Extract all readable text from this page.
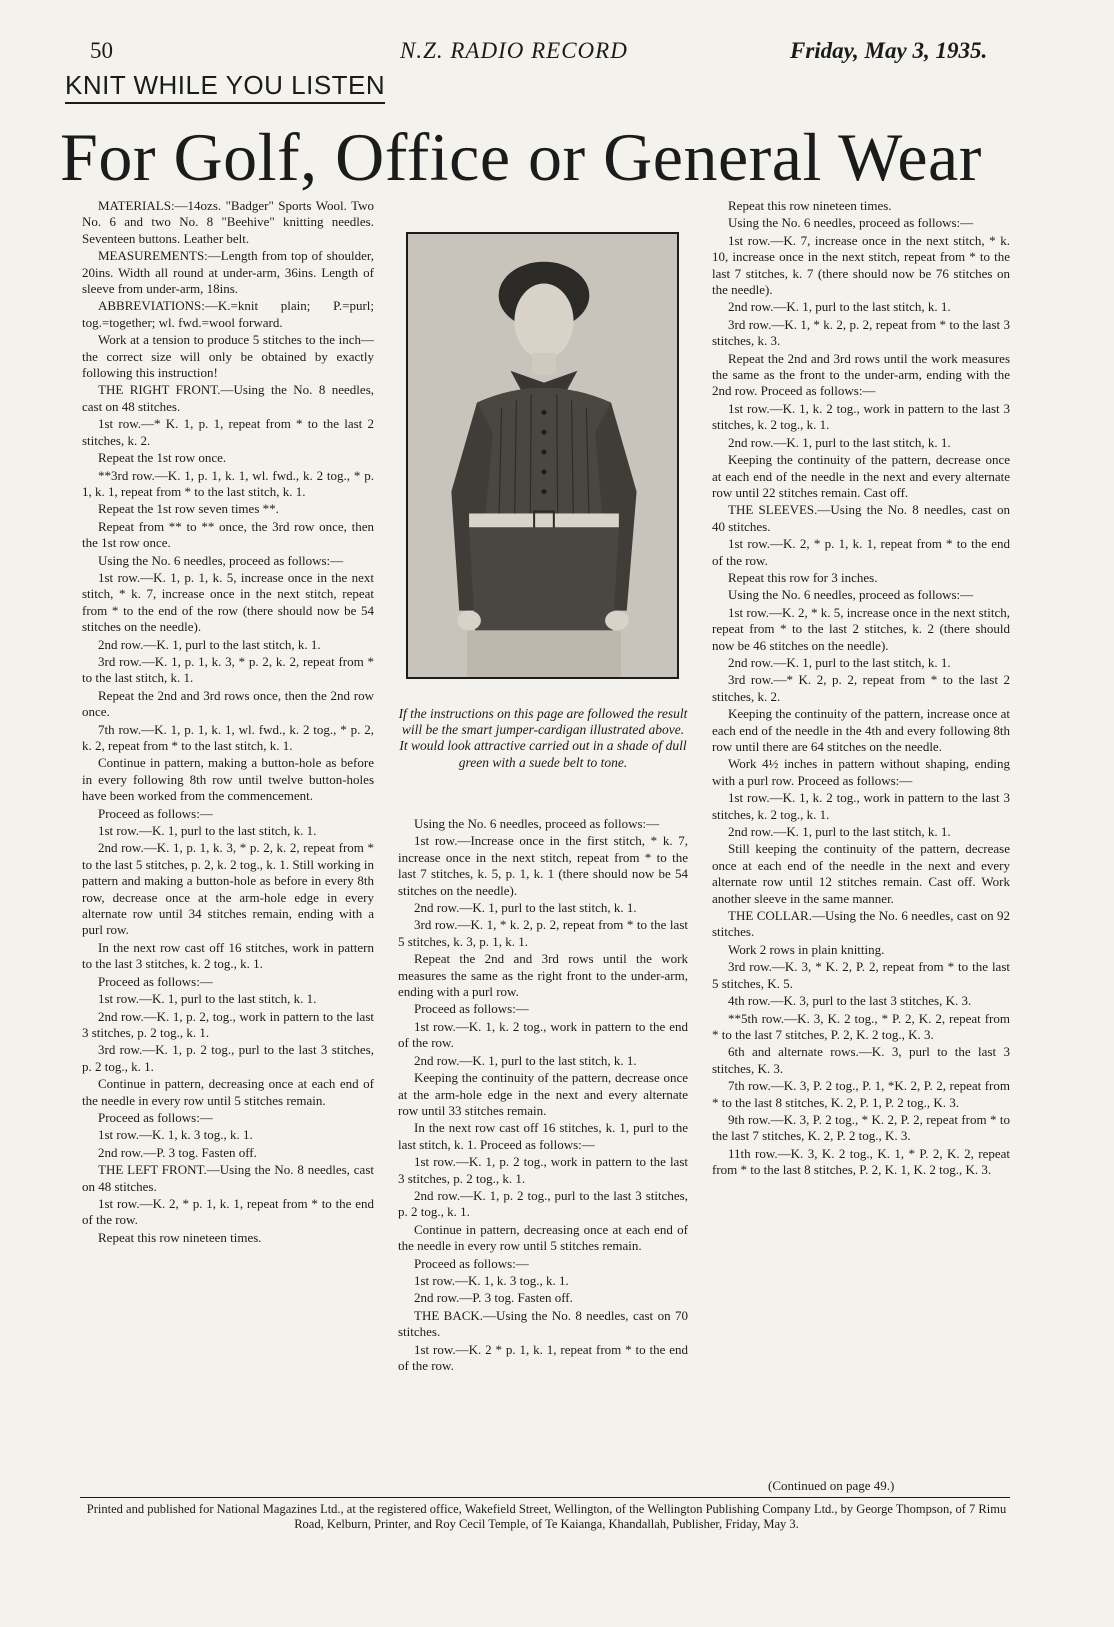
50	N.Z. RADIO RECORD	Friday, May 3, 1935.
KNIT WHILE YOU LISTEN
For Golf, Office or General Wear

MATERIALS:—14ozs. "Badger" Sports Wool. Two No. 6 and two No. 8 "Beehive" knitting needles. Seventeen buttons. Leather belt.

MEASUREMENTS:—Length from top of shoulder, 20ins. Width all round at under-arm, 36ins. Length of sleeve from under-arm, 18ins.

ABBREVIATIONS:—K.=knit plain; P.=purl; tog.=together; wl. fwd.=wool forward.

Work at a tension to produce 5 stitches to the inch—the correct size will only be obtained by exactly following this instruction!

THE RIGHT FRONT.—Using the No. 8 needles, cast on 48 stitches.

1st row.—* K. 1, p. 1, repeat from * to the last 2 stitches, k. 2.

Repeat the 1st row once.

**3rd row.—K. 1, p. 1, k. 1, wl. fwd., k. 2 tog., * p. 1, k. 1, repeat from * to the last stitch, k. 1.

Repeat the 1st row seven times **.

Repeat from ** to ** once, the 3rd row once, then the 1st row once.

Using the No. 6 needles, proceed as follows:—

1st row.—K. 1, p. 1, k. 5, increase once in the next stitch, * k. 7, increase once in the next stitch, repeat from * to the end of the row (there should now be 54 stitches on the needle).

2nd row.—K. 1, purl to the last stitch, k. 1.

3rd row.—K. 1, p. 1, k. 3, * p. 2, k. 2, repeat from * to the last stitch, k. 1.

Repeat the 2nd and 3rd rows once, then the 2nd row once.

7th row.—K. 1, p. 1, k. 1, wl. fwd., k. 2 tog., * p. 2, k. 2, repeat from * to the last stitch, k. 1.

Continue in pattern, making a button-hole as before in every following 8th row until twelve button-holes have been worked from the commencement.

Proceed as follows:—

1st row.—K. 1, purl to the last stitch, k. 1.

2nd row.—K. 1, p. 1, k. 3, * p. 2, k. 2, repeat from * to the last 5 stitches, p. 2, k. 2 tog., k. 1. Still working in pattern and making a button-hole as before in every 8th row, decrease once at the arm-hole edge in every alternate row until 34 stitches remain, ending with a purl row.

In the next row cast off 16 stitches, work in pattern to the last 3 stitches, k. 2 tog., k. 1.

Proceed as follows:—

1st row.—K. 1, purl to the last stitch, k. 1.

2nd row.—K. 1, p. 2, tog., work in pattern to the last 3 stitches, p. 2 tog., k. 1.

3rd row.—K. 1, p. 2 tog., purl to the last 3 stitches, p. 2 tog., k. 1.

Continue in pattern, decreasing once at each end of the needle in every row until 5 stitches remain.

Proceed as follows:—

1st row.—K. 1, k. 3 tog., k. 1.

2nd row.—P. 3 tog. Fasten off.

THE LEFT FRONT.—Using the No. 8 needles, cast on 48 stitches.

1st row.—K. 2, * p. 1, k. 1, repeat from * to the end of the row.

Repeat this row nineteen times.

If the instructions on this page are followed the result will be the smart jumper-cardigan illustrated above. It would look attractive carried out in a shade of dull green with a suede belt to tone.

Using the No. 6 needles, proceed as follows:—

1st row.—Increase once in the first stitch, * k. 7, increase once in the next stitch, repeat from * to the last 7 stitches, k. 5, p. 1, k. 1 (there should now be 54 stitches on the needle).

2nd row.—K. 1, purl to the last stitch, k. 1.

3rd row.—K. 1, * k. 2, p. 2, repeat from * to the last 5 stitches, k. 3, p. 1, k. 1.

Repeat the 2nd and 3rd rows until the work measures the same as the right front to the under-arm, ending with a purl row.

Proceed as follows:—

1st row.—K. 1, k. 2 tog., work in pattern to the end of the row.

2nd row.—K. 1, purl to the last stitch, k. 1.

Keeping the continuity of the pattern, decrease once at the arm-hole edge in the next and every alternate row until 33 stitches remain.

In the next row cast off 16 stitches, k. 1, purl to the last stitch, k. 1. Proceed as follows:—

1st row.—K. 1, p. 2 tog., work in pattern to the last 3 stitches, p. 2 tog., k. 1.

2nd row.—K. 1, p. 2 tog., purl to the last 3 stitches, p. 2 tog., k. 1.

Continue in pattern, decreasing once at each end of the needle in every row until 5 stitches remain.

Proceed as follows:—

1st row.—K. 1, k. 3 tog., k. 1.

2nd row.—P. 3 tog. Fasten off.

THE BACK.—Using the No. 8 needles, cast on 70 stitches.

1st row.—K. 2 * p. 1, k. 1, repeat from * to the end of the row.

Repeat this row nineteen times.

Using the No. 6 needles, proceed as follows:—

1st row.—K. 7, increase once in the next stitch, * k. 10, increase once in the next stitch, repeat from * to the last 7 stitches, k. 7 (there should now be 76 stitches on the needle).

2nd row.—K. 1, purl to the last stitch, k. 1.

3rd row.—K. 1, * k. 2, p. 2, repeat from * to the last 3 stitches, k. 3.

Repeat the 2nd and 3rd rows until the work measures the same as the front to the under-arm, ending with the 2nd row. Proceed as follows:—

1st row.—K. 1, k. 2 tog., work in pattern to the last 3 stitches, k. 2 tog., k. 1.

2nd row.—K. 1, purl to the last stitch, k. 1.

Keeping the continuity of the pattern, decrease once at each end of the needle in the next and every alternate row until 22 stitches remain. Cast off.

THE SLEEVES.—Using the No. 8 needles, cast on 40 stitches.

1st row.—K. 2, * p. 1, k. 1, repeat from * to the end of the row.

Repeat this row for 3 inches.

Using the No. 6 needles, proceed as follows:—

1st row.—K. 2, * k. 5, increase once in the next stitch, repeat from * to the last 2 stitches, k. 2 (there should now be 46 stitches on the needle).

2nd row.—K. 1, purl to the last stitch, k. 1.

3rd row.—* K. 2, p. 2, repeat from * to the last 2 stitches, k. 2.

Keeping the continuity of the pattern, increase once at each end of the needle in the 4th and every following 8th row until there are 64 stitches on the needle.

Work 4½ inches in pattern without shaping, ending with a purl row. Proceed as follows:—

1st row.—K. 1, k. 2 tog., work in pattern to the last 3 stitches, k. 2 tog., k. 1.

2nd row.—K. 1, purl to the last stitch, k. 1.

Still keeping the continuity of the pattern, decrease once at each end of the needle in the next and every alternate row until 12 stitches remain. Cast off. Work another sleeve in the same manner.

THE COLLAR.—Using the No. 6 needles, cast on 92 stitches.

Work 2 rows in plain knitting.

3rd row.—K. 3, * K. 2, P. 2, repeat from * to the last 5 stitches, K. 5.

4th row.—K. 3, purl to the last 3 stitches, K. 3.

**5th row.—K. 3, K. 2 tog., * P. 2, K. 2, repeat from * to the last 7 stitches, P. 2, K. 2 tog., K. 3.

6th and alternate rows.—K. 3, purl to the last 3 stitches, K. 3.

7th row.—K. 3, P. 2 tog., P. 1, *K. 2, P. 2, repeat from * to the last 8 stitches, K. 2, P. 1, P. 2 tog., K. 3.

9th row.—K. 3, P. 2 tog., * K. 2, P. 2, repeat from * to the last 7 stitches, K. 2, P. 2 tog., K. 3.

11th row.—K. 3, K. 2 tog., K. 1, * P. 2, K. 2, repeat from * to the last 8 stitches, P. 2, K. 1, K. 2 tog., K. 3.

(Continued on page 49.)
Printed and published for National Magazines Ltd., at the registered office, Wakefield Street, Wellington, of the Wellington Publishing Company Ltd., by George Thompson, of 7 Rimu Road, Kelburn, Printer, and Roy Cecil Temple, of Te Kaianga, Khandallah, Publisher, Friday, May 3.
